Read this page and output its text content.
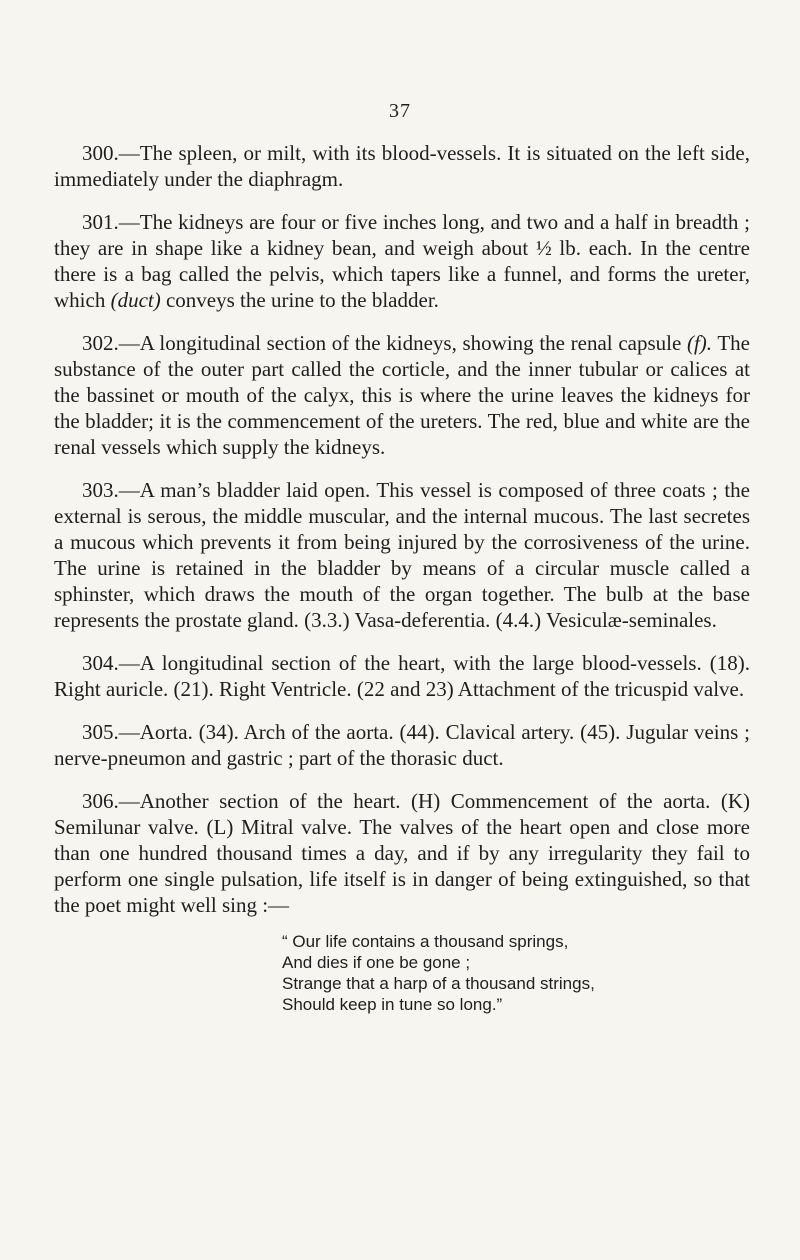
37

300.—The spleen, or milt, with its blood-vessels. It is situated on the left side, immediately under the diaphragm.

301.—The kidneys are four or five inches long, and two and a half in breadth ; they are in shape like a kidney bean, and weigh about ½ lb. each. In the centre there is a bag called the pelvis, which tapers like a funnel, and forms the ureter, which (duct) conveys the urine to the bladder.

302.—A longitudinal section of the kidneys, showing the renal capsule (f). The substance of the outer part called the corticle, and the inner tubular or calices at the bassinet or mouth of the calyx, this is where the urine leaves the kidneys for the bladder; it is the commencement of the ureters. The red, blue and white are the renal vessels which supply the kidneys.

303.—A man’s bladder laid open. This vessel is composed of three coats ; the external is serous, the middle muscular, and the internal mucous. The last secretes a mucous which prevents it from being injured by the corrosiveness of the urine. The urine is retained in the bladder by means of a circular muscle called a sphinster, which draws the mouth of the organ together. The bulb at the base represents the prostate gland. (3.3.) Vasa-deferentia. (4.4.) Vesiculæ-seminales.

304.—A longitudinal section of the heart, with the large blood-vessels. (18). Right auricle. (21). Right Ventricle. (22 and 23) Attachment of the tricuspid valve.

305.—Aorta. (34). Arch of the aorta. (44). Clavical artery. (45). Jugular veins ; nerve-pneumon and gastric ; part of the thorasic duct.

306.—Another section of the heart. (H) Commencement of the aorta. (K) Semilunar valve. (L) Mitral valve. The valves of the heart open and close more than one hundred thousand times a day, and if by any irregularity they fail to perform one single pulsation, life itself is in danger of being extinguished, so that the poet might well sing :—

“ Our life contains a thousand springs,
And dies if one be gone ;
Strange that a harp of a thousand strings,
Should keep in tune so long.”
